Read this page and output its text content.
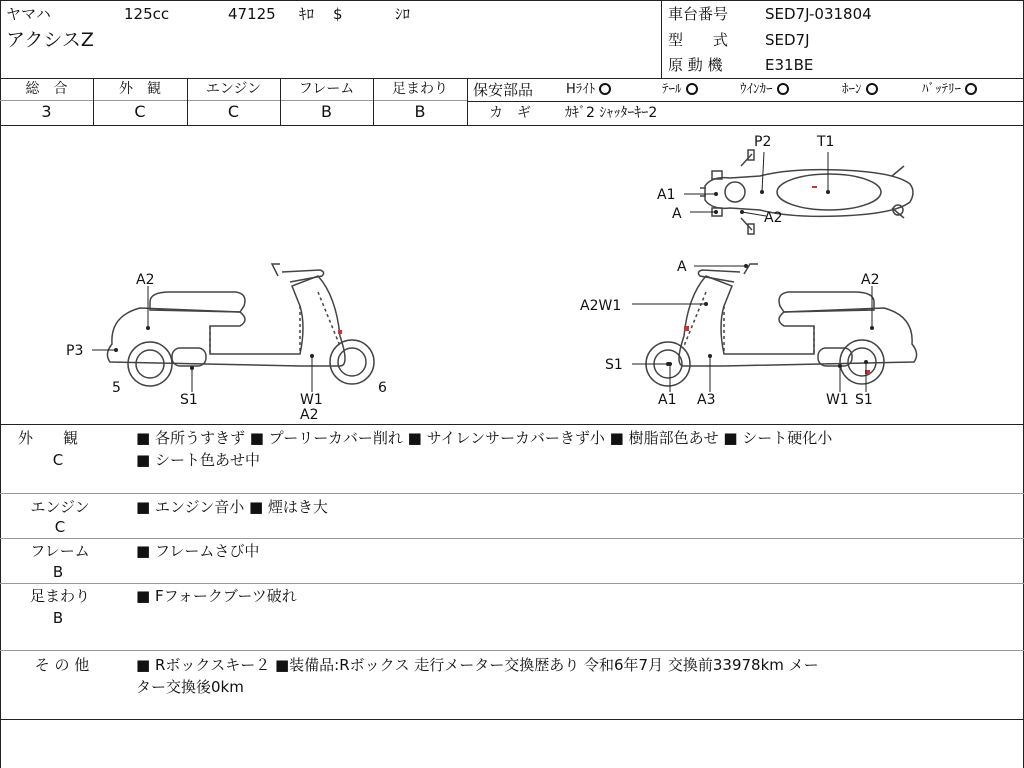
ヤマハ	125cc	47125 ｷﾛ $	ｼﾛ
アクシスZ
車台番号 SED7J-031804
型　　式 SED7J
原 動 機	E31BE
総　合
3
外　観
C
エンジン
C
フレーム
B
足まわり
B
保安部品	Hﾗｲﾄ	ﾃｰﾙ	ｳｲﾝｶｰ	ﾎｰﾝ	ﾊﾞｯﾃﾘｰ
カ　ギ ｶｷﾞ2 ｼｬｯﾀｰｷｰ2
P2	T1
A1
A	A2
A2
P3
5
S1	W1
A2
6
A
A2W1
A2
S1
A1 A3	W1 S1
外　　観
C
■ 各所うすきず ■ プーリーカバー削れ ■ サイレンサーカバーきず小 ■ 樹脂部色あせ ■ シート硬化小
■ シート色あせ中
エンジン
C
■ エンジン音小 ■ 煙はき大
フレーム
B
■ フレームさび中
足まわり
B
■ Fフォークブーツ破れ
そ の 他	■ Rボックスキー２ ■装備品:Rボックス 走行メーター交換歴あり 令和6年7月 交換前33978km メー
ター交換後0km
